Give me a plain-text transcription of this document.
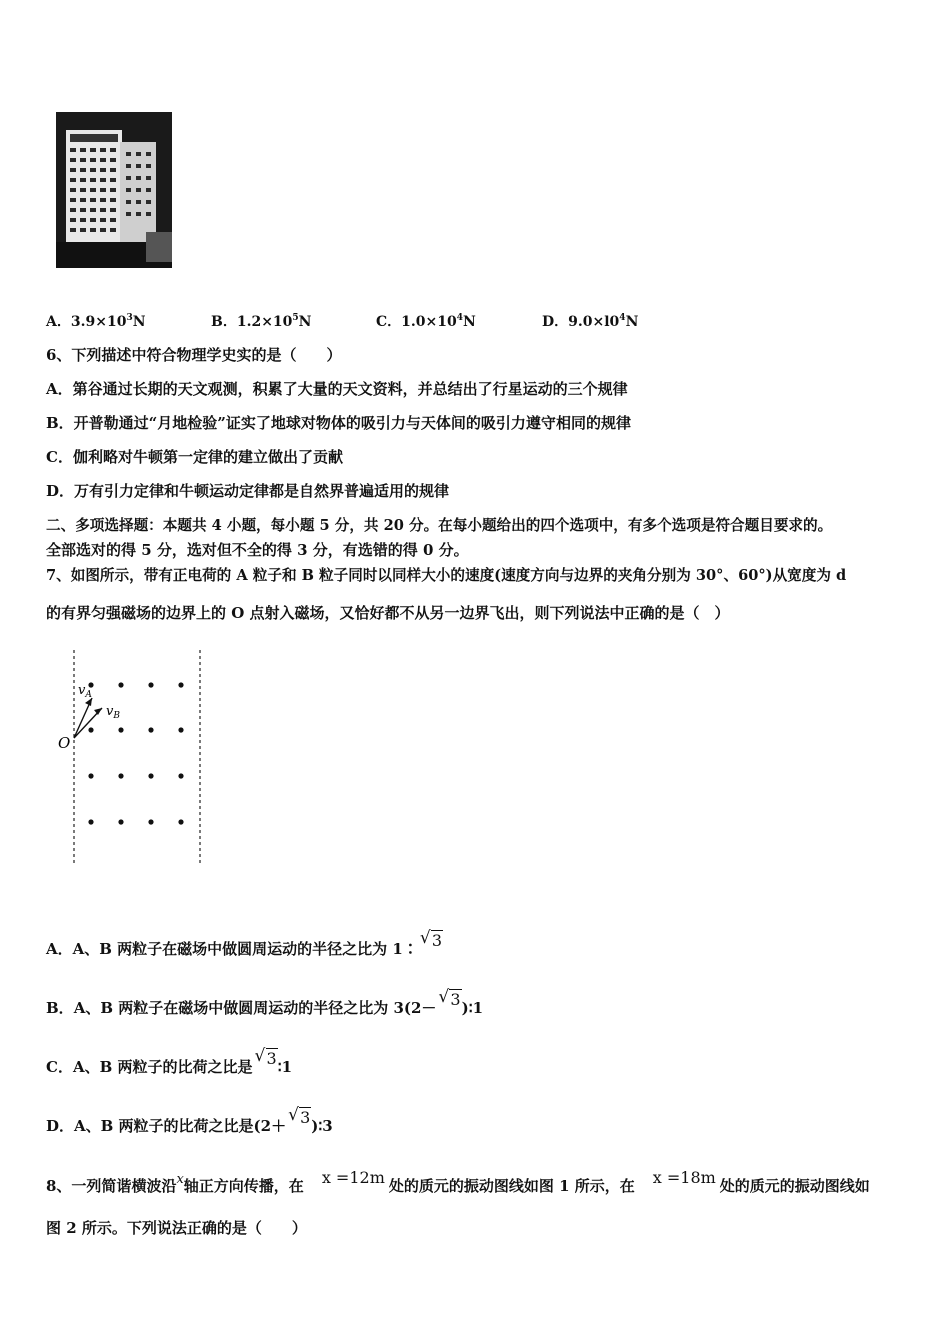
A．$3.9\times 10^3N$	B．$1.2\times 10^5N$	C．$1.0\times 10^4N$	D．$9.0\times l0^4N$
6、下列描述中符合物理学史实的是（　　）
A．第谷通过长期的天文观测，积累了大量的天文资料，并总结出了行星运动的三个规律
B．开普勒通过“月地检验”证实了地球对物体的吸引力与天体间的吸引力遵守相同的规律
C．伽利略对牛顿第一定律的建立做出了贡献
D．万有引力定律和牛顿运动定律都是自然界普遍适用的规律
二、多项选择题：本题共 4 小题，每小题 5 分，共 20 分。在每小题给出的四个选项中，有多个选项是符合题目要求的。
全部选对的得 5 分，选对但不全的得 3 分，有选错的得 0 分。
7、如图所示，带有正电荷的 A 粒子和 B 粒子同时以同样大小的速度(速度方向与边界的夹角分别为 30°、60°)从宽度为 d
的有界匀强磁场的边界上的 O 点射入磁场，又恰好都不从另一边界飞出，则下列说法中正确的是（　）
$v_A$
$v_B$
O
A．A、B 两粒子在磁场中做圆周运动的半径之比为 1∶
√ 3
B．A、B 两粒子在磁场中做圆周运动的半径之比为 3(2－
√ 3)∶1
C．A、B 两粒子的比荷之比是
√ 3∶1
D．A、B 两粒子的比荷之比是(2＋
√ 3)∶3
8、一列简谐横波沿x轴正方向传播，在 x =12m 处的质元的振动图线如图 1 所示，在 x =18m 处的质元的振动图线如
图 2 所示。下列说法正确的是（　　）
